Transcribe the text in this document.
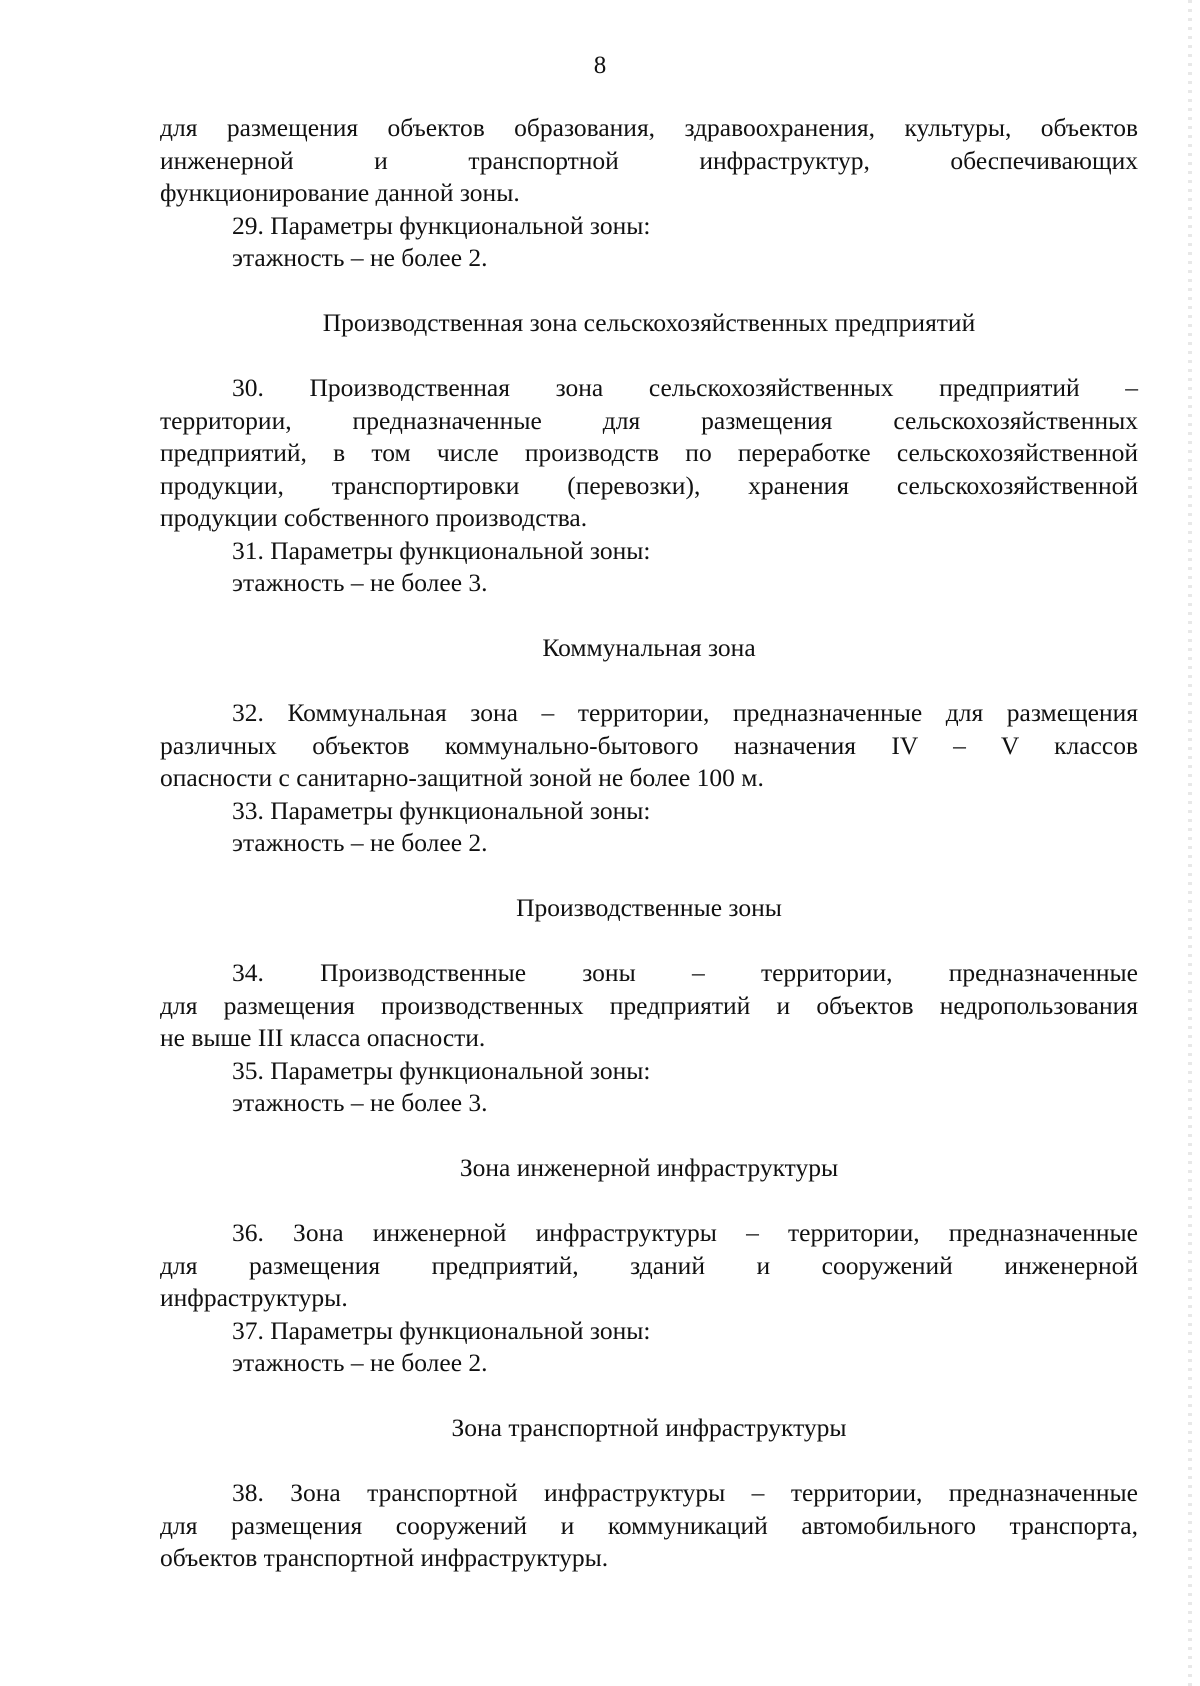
8

для размещения объектов образования, здравоохранения, культуры, объектов

инженерной и транспортной инфраструктур, обеспечивающих

функционирование данной зоны.

29. Параметры функциональной зоны:

этажность – не более 2.

Производственная зона сельскохозяйственных предприятий

30. Производственная зона сельскохозяйственных предприятий –

территории, предназначенные для размещения сельскохозяйственных

предприятий, в том числе производств по переработке сельскохозяйственной

продукции, транспортировки (перевозки), хранения сельскохозяйственной

продукции собственного производства.

31. Параметры функциональной зоны:

этажность – не более 3.

Коммунальная зона

32. Коммунальная зона – территории, предназначенные для размещения

различных объектов коммунально-бытового назначения IV – V классов

опасности с санитарно-защитной зоной не более 100 м.

33. Параметры функциональной зоны:

этажность – не более 2.

Производственные зоны

34. Производственные зоны – территории, предназначенные

для размещения производственных предприятий и объектов недропользования

не выше III класса опасности.

35. Параметры функциональной зоны:

этажность – не более 3.

Зона инженерной инфраструктуры

36. Зона инженерной инфраструктуры – территории, предназначенные

для размещения предприятий, зданий и сооружений инженерной

инфраструктуры.

37. Параметры функциональной зоны:

этажность – не более 2.

Зона транспортной инфраструктуры

38. Зона транспортной инфраструктуры – территории, предназначенные

для размещения сооружений и коммуникаций автомобильного транспорта,

объектов транспортной инфраструктуры.
